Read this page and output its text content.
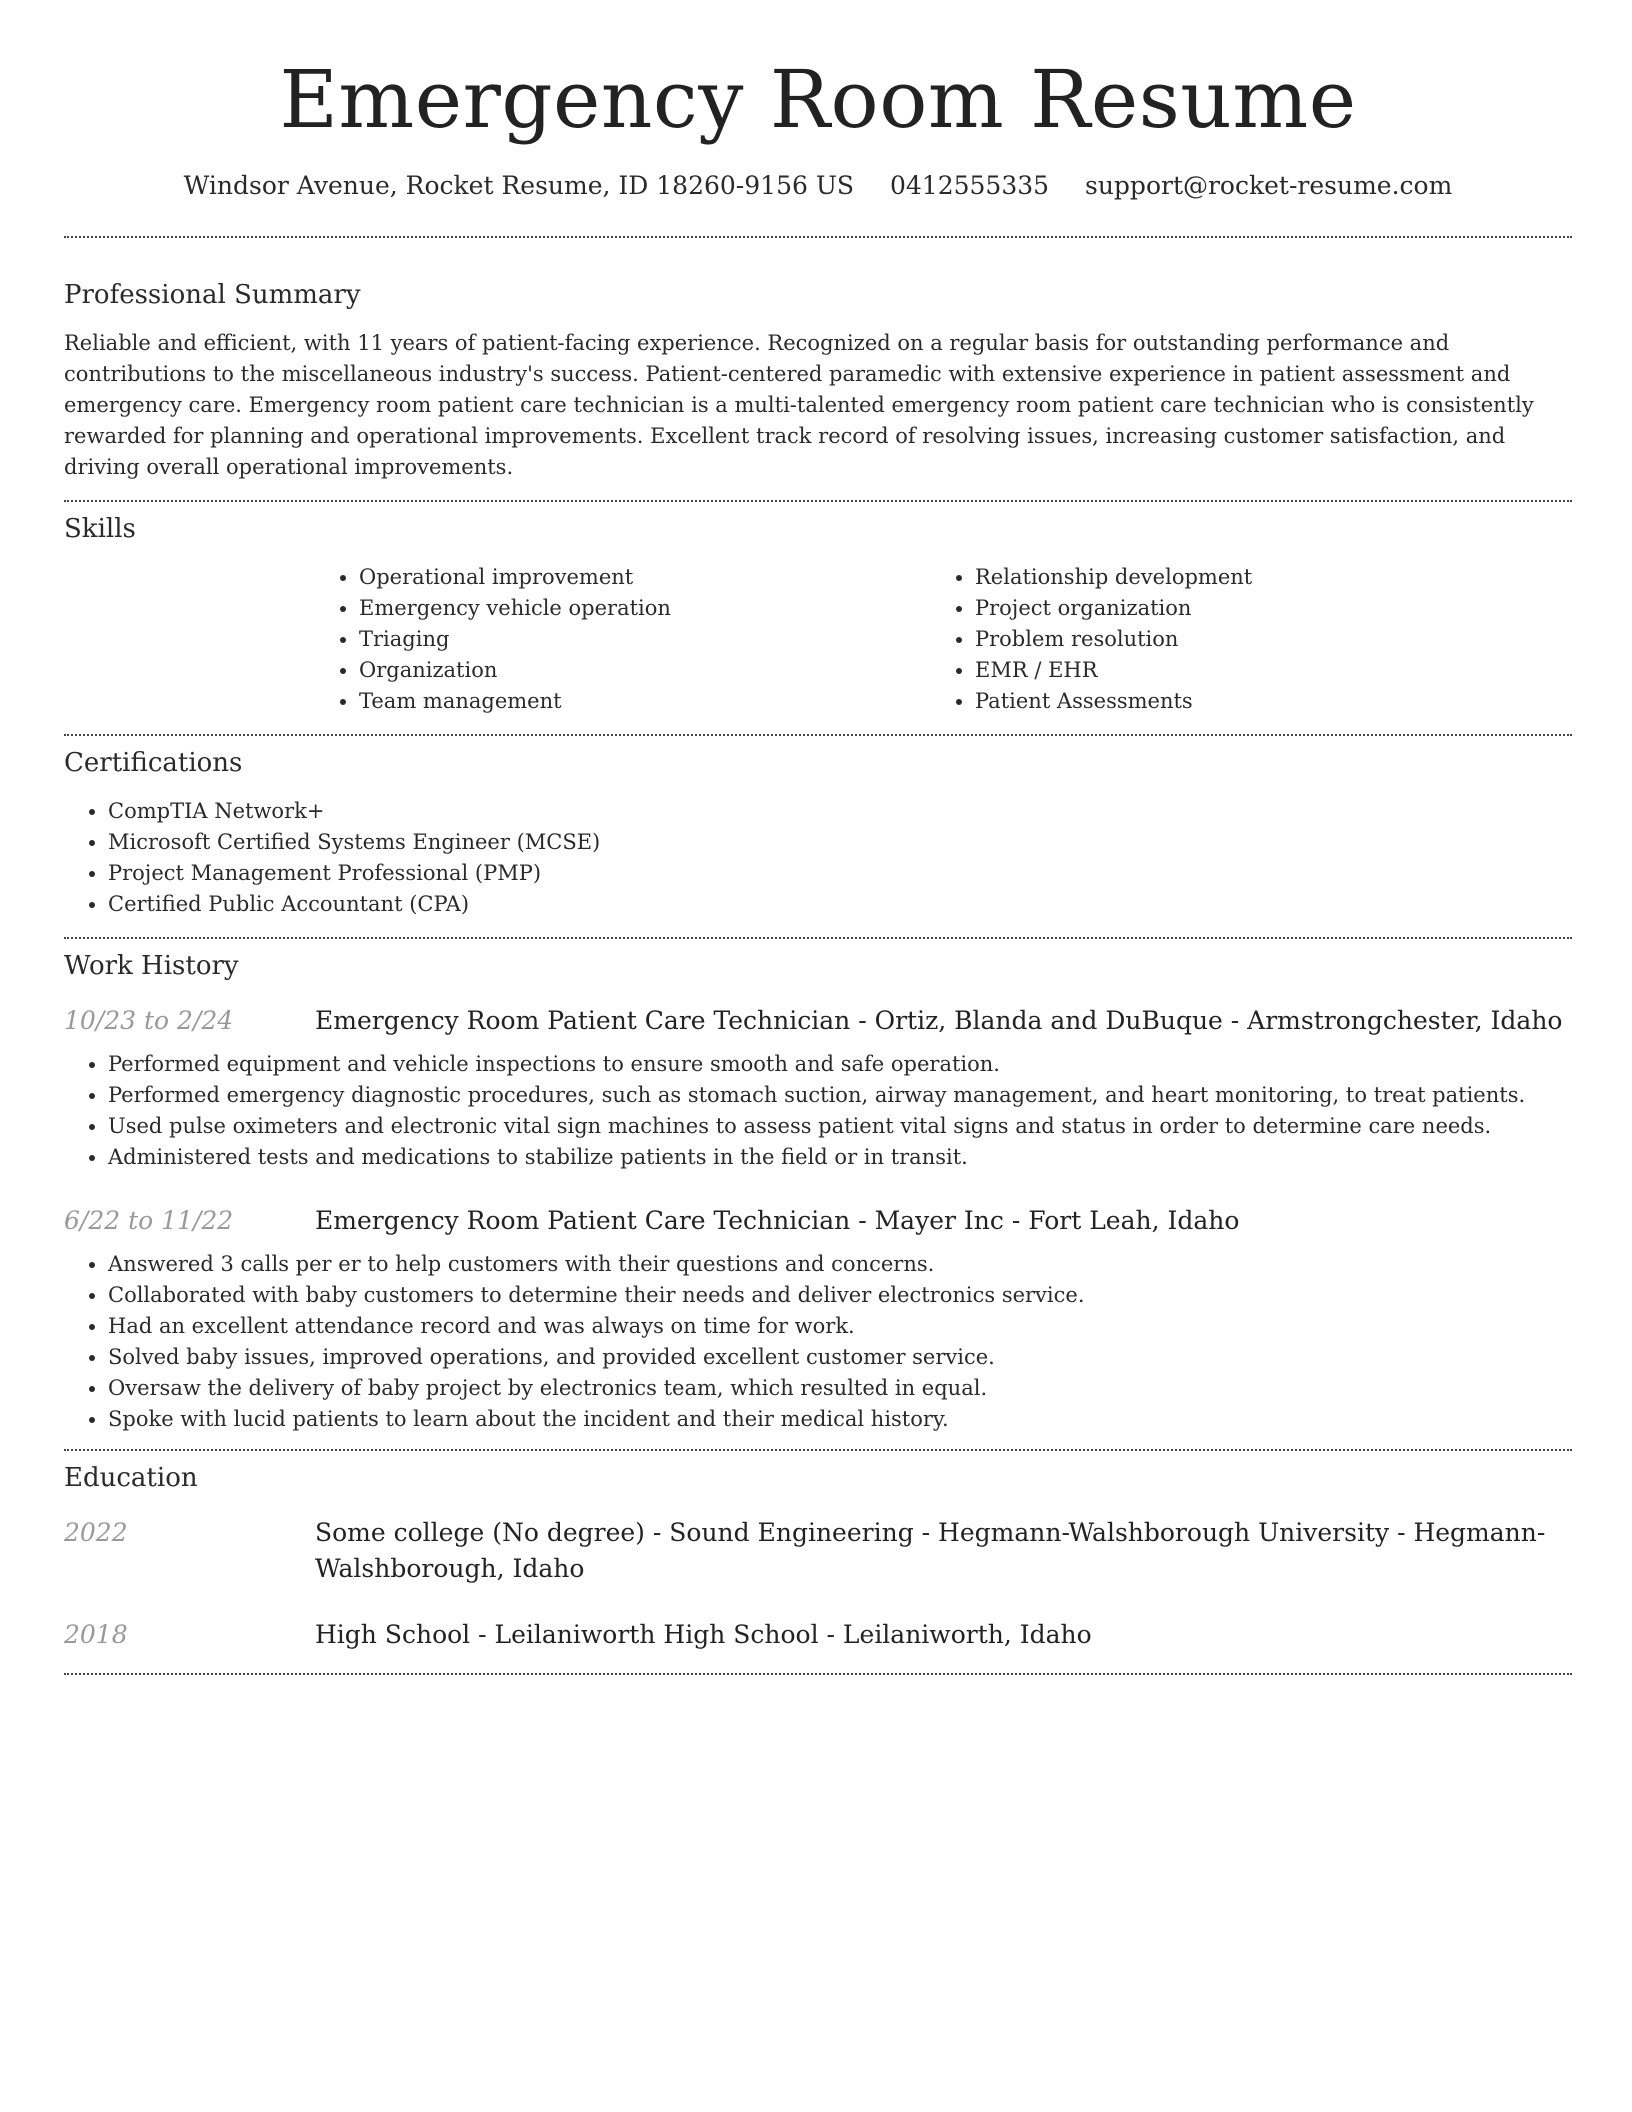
Emergency Room Resume
Windsor Avenue, Rocket Resume, ID 18260-9156 US 0412555335 support@rocket-resume.com
Professional Summary

Reliable and efficient, with 11 years of patient-facing experience. Recognized on a regular basis for outstanding performance and contributions to the miscellaneous industry's success. Patient-centered paramedic with extensive experience in patient assessment and emergency care. Emergency room patient care technician is a multi-talented emergency room patient care technician who is consistently rewarded for planning and operational improvements. Excellent track record of resolving issues, increasing customer satisfaction, and driving overall operational improvements.

Skills
• Operational improvement
• Emergency vehicle operation
• Triaging
• Organization
• Team management
• Relationship development
• Project organization
• Problem resolution
• EMR / EHR
• Patient Assessments
Certifications
• CompTIA Network+
• Microsoft Certified Systems Engineer (MCSE)
• Project Management Professional (PMP)
• Certified Public Accountant (CPA)
Work History
10/23 to 2/24	Emergency Room Patient Care Technician - Ortiz, Blanda and DuBuque - Armstrongchester, Idaho
• Performed equipment and vehicle inspections to ensure smooth and safe operation.
• Performed emergency diagnostic procedures, such as stomach suction, airway management, and heart monitoring, to treat patients.
• Used pulse oximeters and electronic vital sign machines to assess patient vital signs and status in order to determine care needs.
• Administered tests and medications to stabilize patients in the field or in transit.
6/22 to 11/22	Emergency Room Patient Care Technician - Mayer Inc - Fort Leah, Idaho
• Answered 3 calls per er to help customers with their questions and concerns.
• Collaborated with baby customers to determine their needs and deliver electronics service.
• Had an excellent attendance record and was always on time for work.
• Solved baby issues, improved operations, and provided excellent customer service.
• Oversaw the delivery of baby project by electronics team, which resulted in equal.
• Spoke with lucid patients to learn about the incident and their medical history.
Education
2022	Some college (No degree) - Sound Engineering - Hegmann-Walshborough University - Hegmann-Walshborough, Idaho
2018	High School - Leilaniworth High School - Leilaniworth, Idaho
